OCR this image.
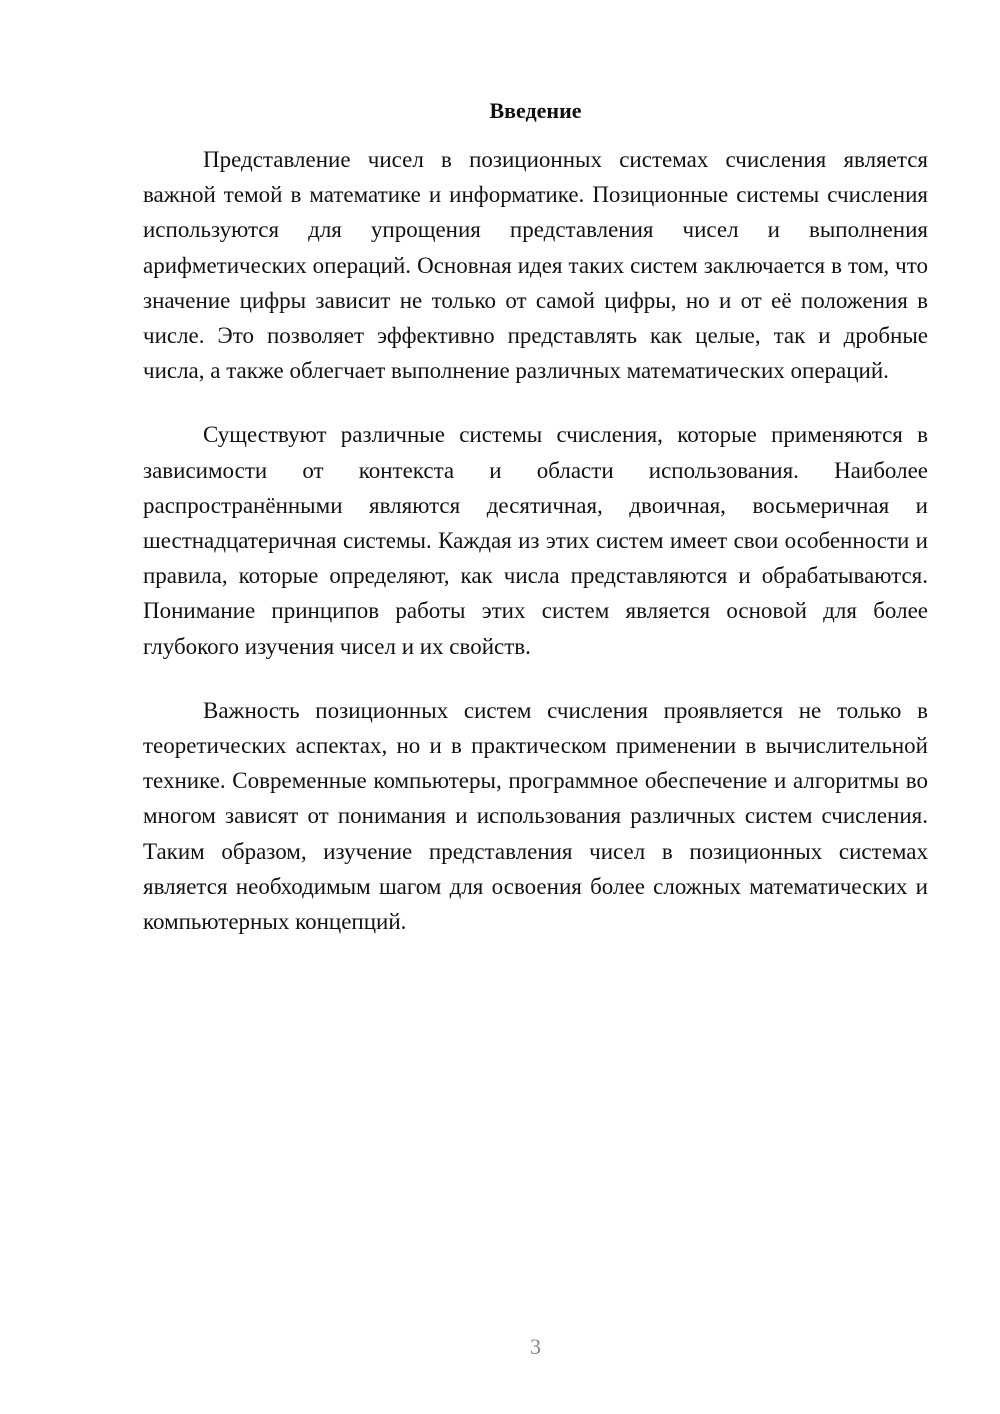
Введение

Представление чисел в позиционных системах счисления является важной темой в математике и информатике. Позиционные системы счисления используются для упрощения представления чисел и выполнения арифметических операций. Основная идея таких систем заключается в том, что значение цифры зависит не только от самой цифры, но и от её положения в числе. Это позволяет эффективно представлять как целые, так и дробные числа, а также облегчает выполнение различных математических операций.

Существуют различные системы счисления, которые применяются в зависимости от контекста и области использования. Наиболее распространёнными являются десятичная, двоичная, восьмеричная и шестнадцатеричная системы. Каждая из этих систем имеет свои особенности и правила, которые определяют, как числа представляются и обрабатываются. Понимание принципов работы этих систем является основой для более глубокого изучения чисел и их свойств.

Важность позиционных систем счисления проявляется не только в теоретических аспектах, но и в практическом применении в вычислительной технике. Современные компьютеры, программное обеспечение и алгоритмы во многом зависят от понимания и использования различных систем счисления. Таким образом, изучение представления чисел в позиционных системах является необходимым шагом для освоения более сложных математических и компьютерных концепций.

3
